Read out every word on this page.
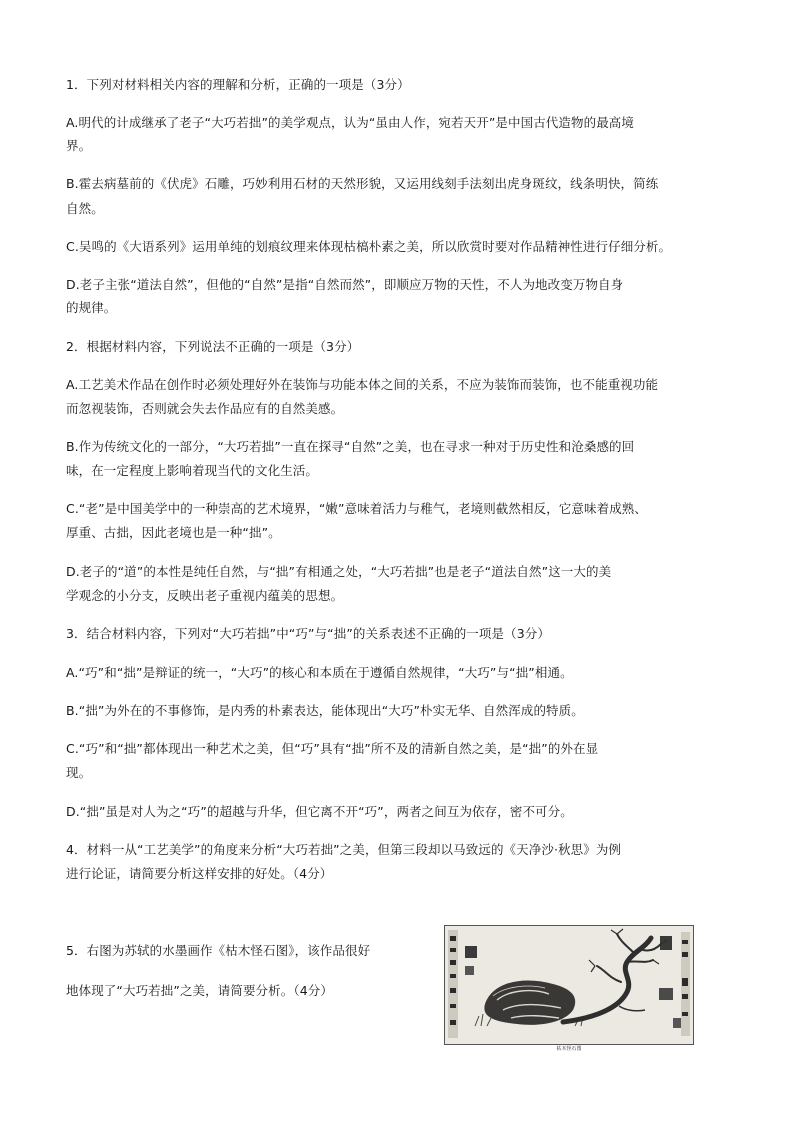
1．下列对材料相关内容的理解和分析，正确的一项是（3分）
A.明代的计成继承了老子“大巧若拙”的美学观点，认为“虽由人作，宛若天开”是中国古代造物的最高境
界。
B.霍去病墓前的《伏虎》石雕，巧妙利用石材的天然形貌，又运用线刻手法刻出虎身斑纹，线条明快，简练
自然。
C.吴鸣的《大语系列》运用单纯的划痕纹理来体现枯槁朴素之美，所以欣赏时要对作品精神性进行仔细分析。
D.老子主张“道法自然”，但他的“自然”是指“自然而然”，即顺应万物的天性，不人为地改变万物自身
的规律。
2．根据材料内容，下列说法不正确的一项是（3分）
A.工艺美术作品在创作时必须处理好外在装饰与功能本体之间的关系，不应为装饰而装饰，也不能重视功能
而忽视装饰，否则就会失去作品应有的自然美感。
B.作为传统文化的一部分，“大巧若拙”一直在探寻“自然”之美，也在寻求一种对于历史性和沧桑感的回
味，在一定程度上影响着现当代的文化生活。
C.“老”是中国美学中的一种崇高的艺术境界，“嫩”意味着活力与稚气，老境则截然相反，它意味着成熟、
厚重、古拙，因此老境也是一种“拙”。
D.老子的“道”的本性是纯任自然，与“拙”有相通之处，“大巧若拙”也是老子“道法自然”这一大的美
学观念的小分支，反映出老子重视内蕴美的思想。
3．结合材料内容，下列对“大巧若拙”中“巧”与“拙”的关系表述不正确的一项是（3分）
A.“巧”和“拙”是辩证的统一，“大巧”的核心和本质在于遵循自然规律，“大巧”与“拙”相通。
B.“拙”为外在的不事修饰，是内秀的朴素表达，能体现出“大巧”朴实无华、自然浑成的特质。
C.“巧”和“拙”都体现出一种艺术之美，但“巧”具有“拙”所不及的清新自然之美，是“拙”的外在显
现。
D.“拙”虽是对人为之“巧”的超越与升华，但它离不开“巧”，两者之间互为依存，密不可分。
4．材料一从“工艺美学”的角度来分析“大巧若拙”之美，但第三段却以马致远的《天净沙·秋思》为例
进行论证，请简要分析这样安排的好处。（4分）
5．右图为苏轼的水墨画作《枯木怪石图》，该作品很好
地体现了“大巧若拙”之美，请简要分析。（4分）
枯木怪石图
